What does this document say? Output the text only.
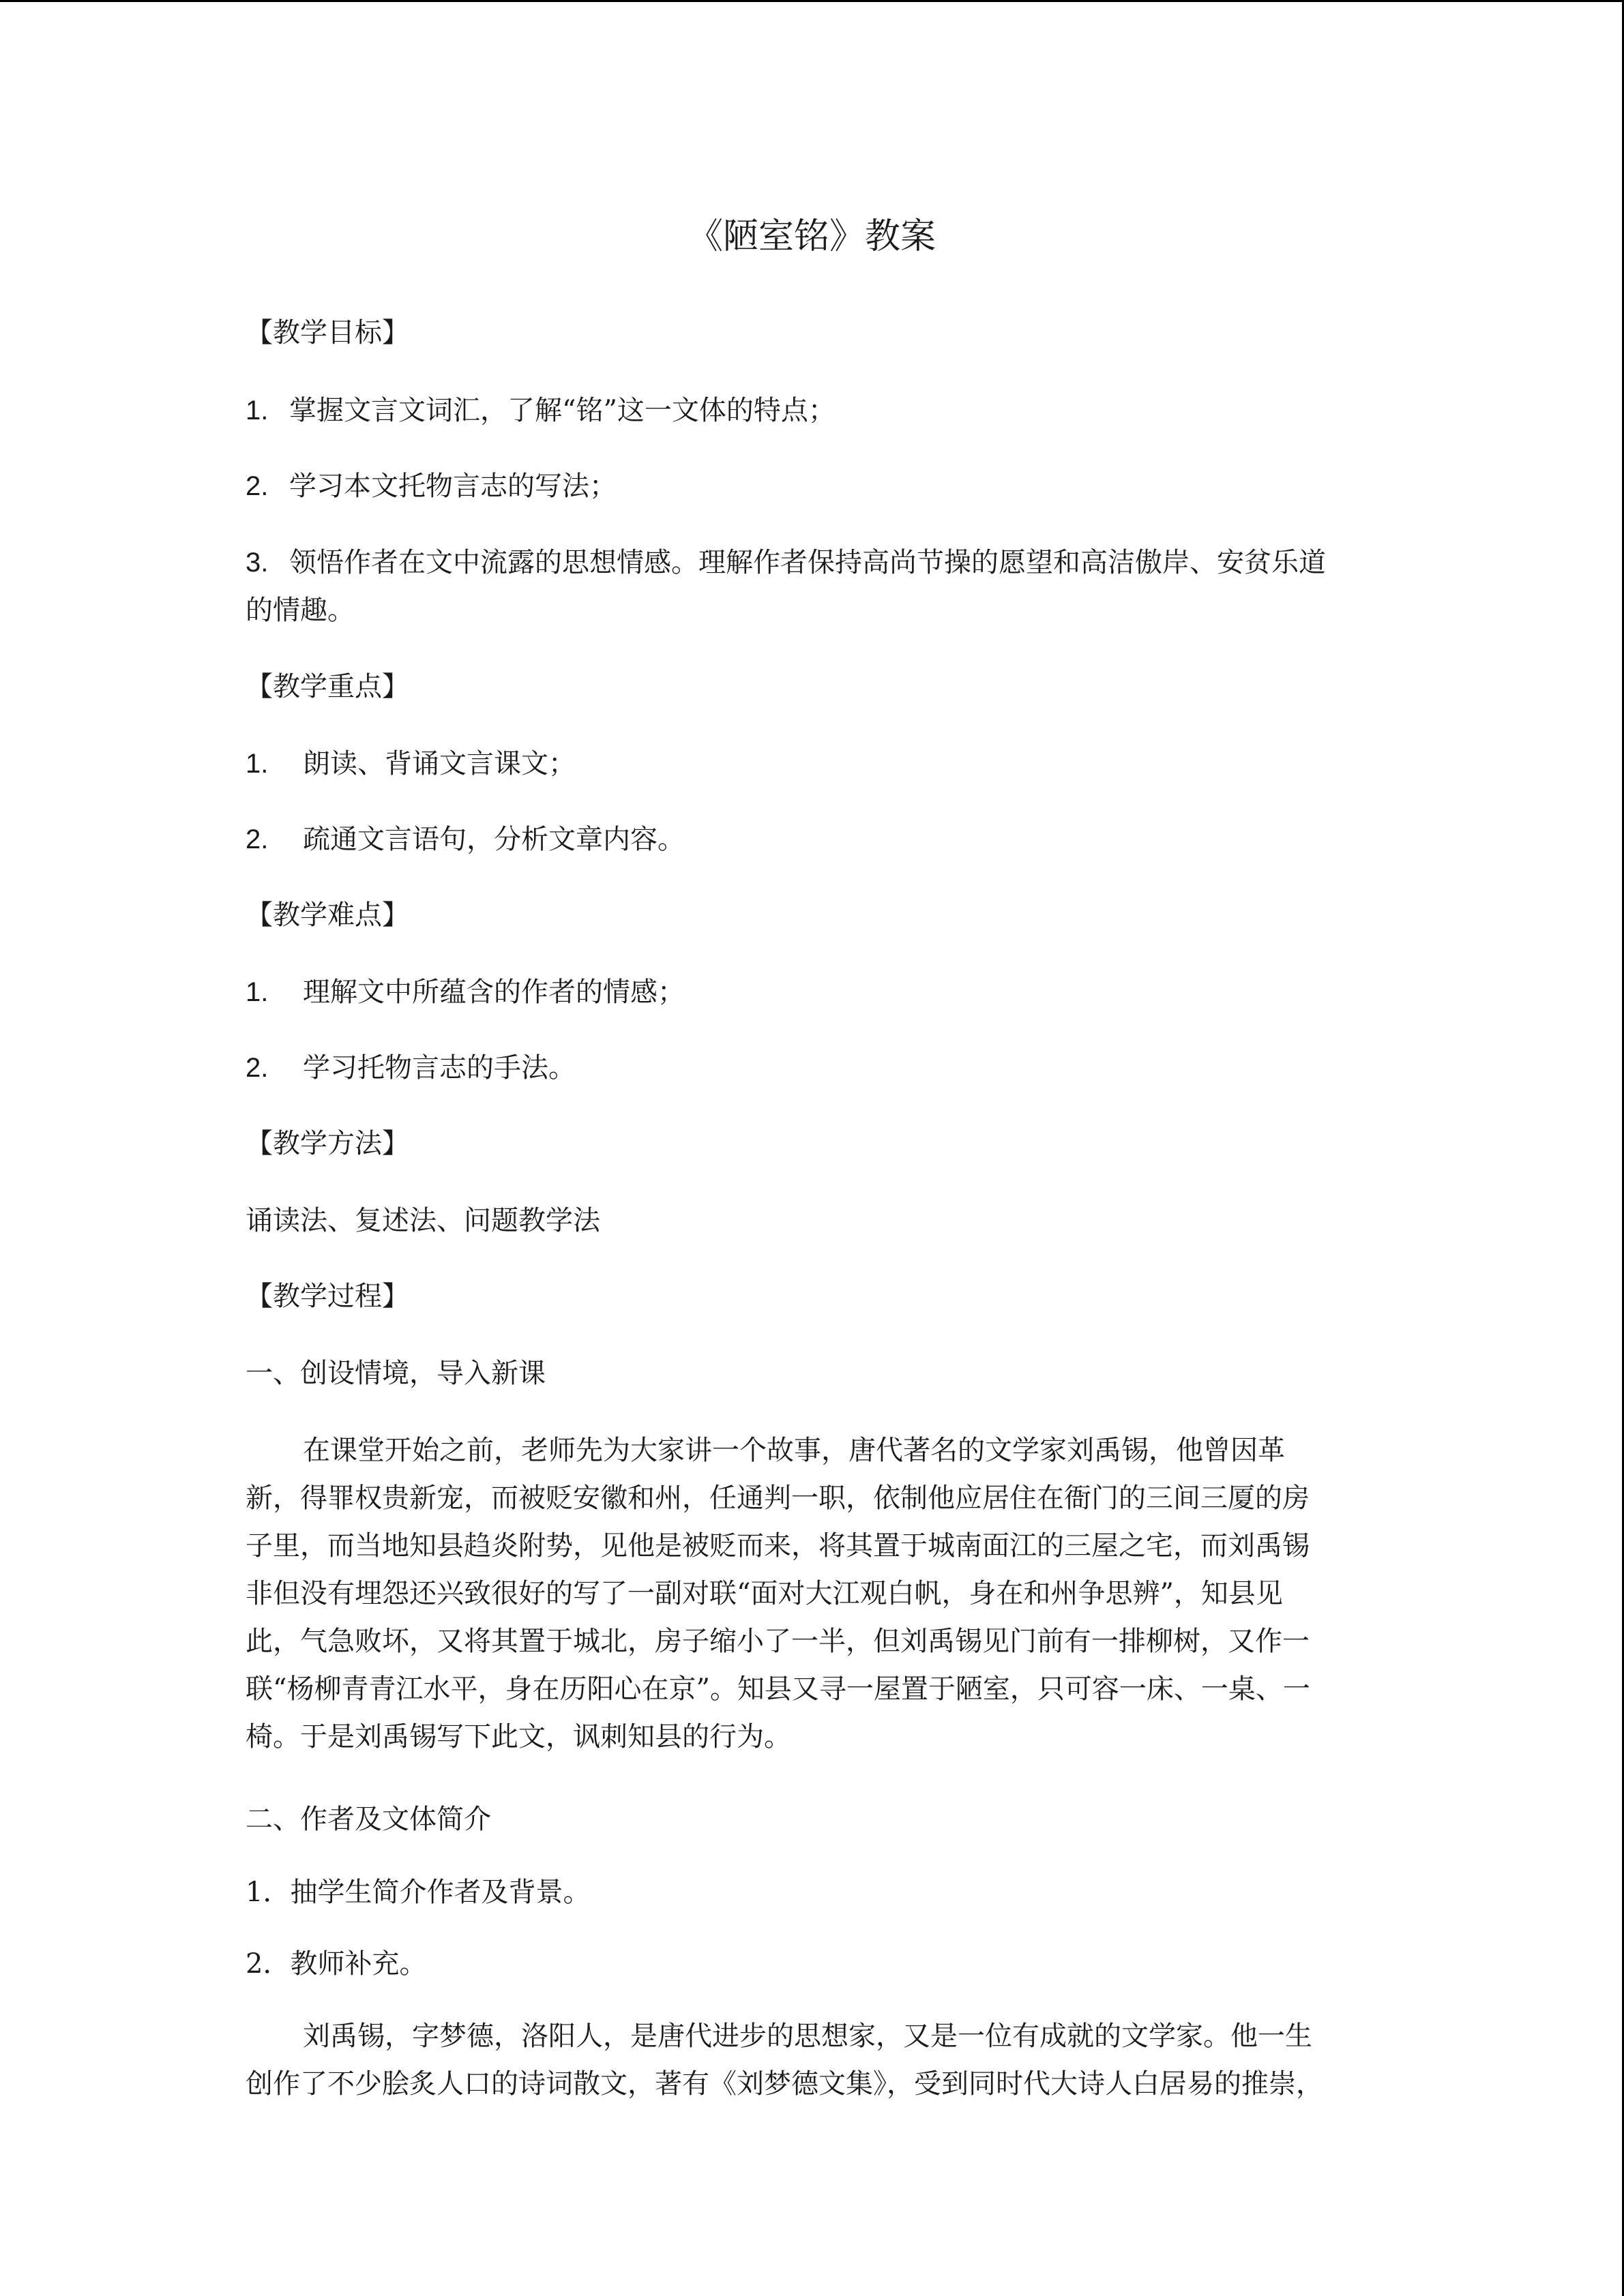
《陋室铭》教案
【教学目标】
1. 掌握文言文词汇，了解“铭”这一文体的特点；
2. 学习本文托物言志的写法；
3. 领悟作者在文中流露的思想情感。理解作者保持高尚节操的愿望和高洁傲岸、安贫乐道
的情趣。
【教学重点】
1. 朗读、背诵文言课文；
2. 疏通文言语句，分析文章内容。
【教学难点】
1. 理解文中所蕴含的作者的情感；
2. 学习托物言志的手法。
【教学方法】
诵读法、复述法、问题教学法
【教学过程】
一、创设情境，导入新课
在课堂开始之前，老师先为大家讲一个故事，唐代著名的文学家刘禹锡，他曾因革
新，得罪权贵新宠，而被贬安徽和州，任通判一职，依制他应居住在衙门的三间三厦的房
子里，而当地知县趋炎附势，见他是被贬而来，将其置于城南面江的三屋之宅，而刘禹锡
非但没有埋怨还兴致很好的写了一副对联“面对大江观白帆，身在和州争思辨”，知县见
此，气急败坏，又将其置于城北，房子缩小了一半，但刘禹锡见门前有一排柳树，又作一
联“杨柳青青江水平，身在历阳心在京”。知县又寻一屋置于陋室，只可容一床、一桌、一
椅。于是刘禹锡写下此文，讽刺知县的行为。
二、作者及文体简介
1．抽学生简介作者及背景。
2．教师补充。
刘禹锡，字梦德，洛阳人，是唐代进步的思想家，又是一位有成就的文学家。他一生
创作了不少脍炙人口的诗词散文，著有《刘梦德文集》，受到同时代大诗人白居易的推崇，
